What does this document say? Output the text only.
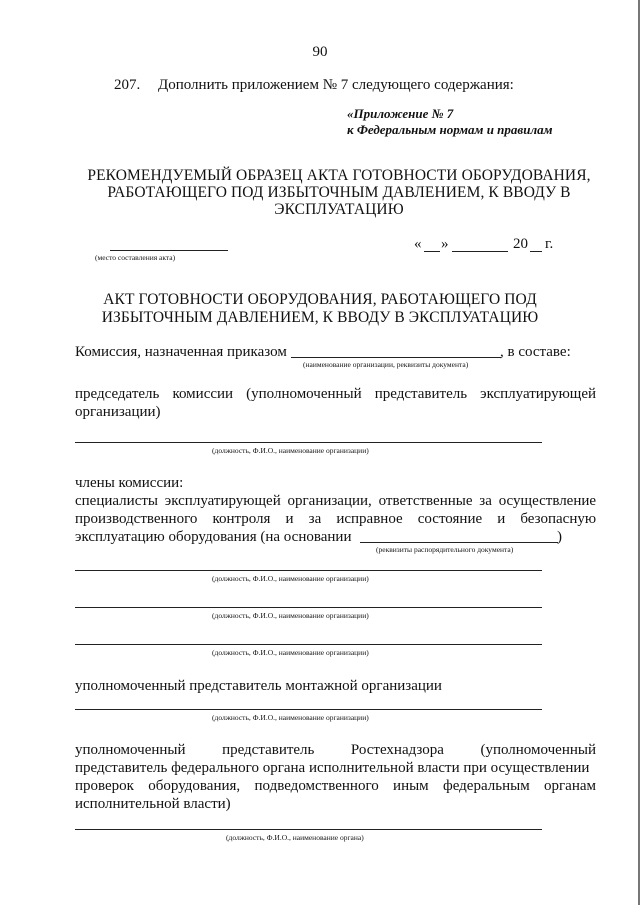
90
207. Дополнить приложением № 7 следующего содержания:
«Приложение № 7
к Федеральным нормам и правилам
РЕКОМЕНДУЕМЫЙ ОБРАЗЕЦ АКТА ГОТОВНОСТИ ОБОРУДОВАНИЯ,
РАБОТАЮЩЕГО ПОД ИЗБЫТОЧНЫМ ДАВЛЕНИЕМ, К ВВОДУ В
ЭКСПЛУАТАЦИЮ
(место составления акта)
« »	20 г.
АКТ ГОТОВНОСТИ ОБОРУДОВАНИЯ, РАБОТАЮЩЕГО ПОД
ИЗБЫТОЧНЫМ ДАВЛЕНИЕМ, К ВВОДУ В ЭКСПЛУАТАЦИЮ
Комиссия, назначенная приказом	, в составе:
(наименование организации, реквизиты документа)
председатель комиссии (уполномоченный представитель эксплуатирующей
организации)
(должность, Ф.И.О., наименование организации)
члены комиссии:
специалисты эксплуатирующей организации, ответственные за осуществление
производственного контроля и за исправное состояние и безопасную
эксплуатацию оборудования (на основании	)
(реквизиты распорядительного документа)
(должность, Ф.И.О., наименование организации)
(должность, Ф.И.О., наименование организации)
(должность, Ф.И.О., наименование организации)
уполномоченный представитель монтажной организации
(должность, Ф.И.О., наименование организации)
уполномоченный представитель Ростехнадзора (уполномоченный
представитель федерального органа исполнительной власти при осуществлении
проверок оборудования, подведомственного иным федеральным органам
исполнительной власти)
(должность, Ф.И.О., наименование органа)
